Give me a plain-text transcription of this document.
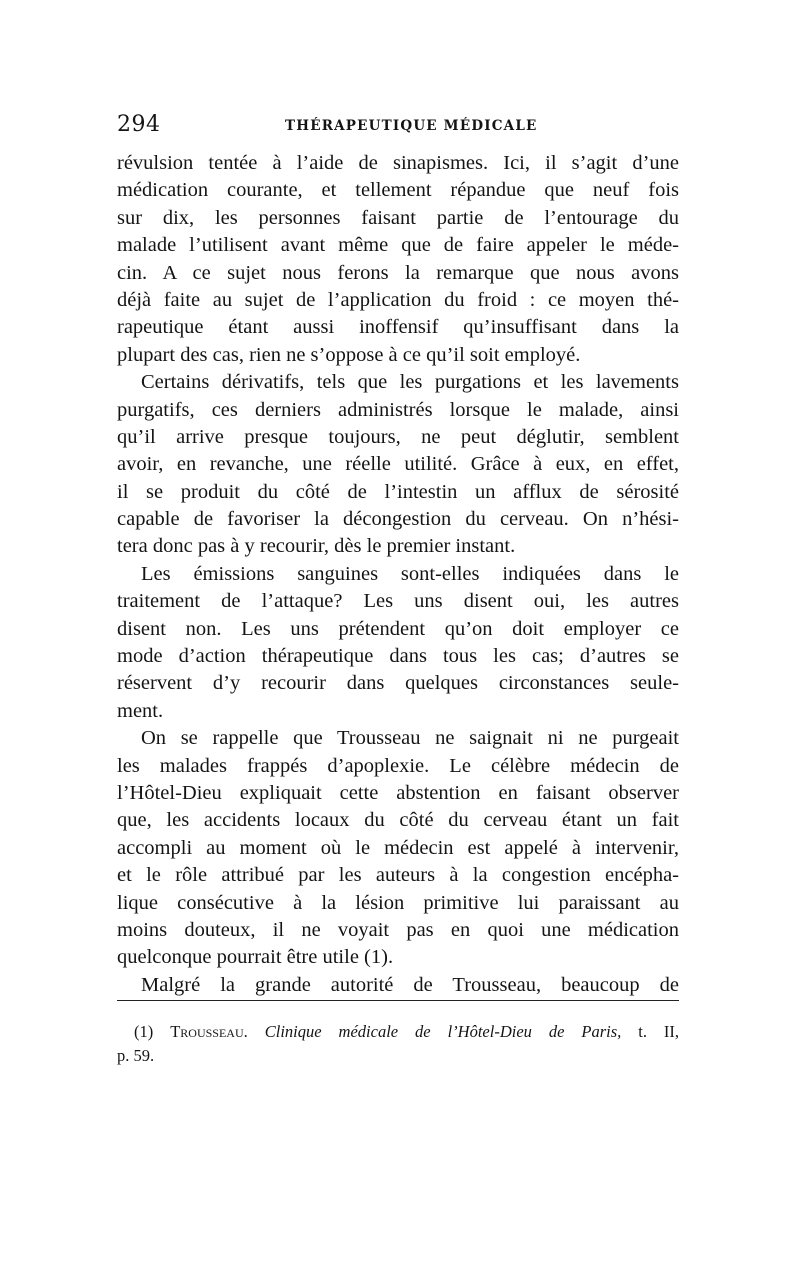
294	THÉRAPEUTIQUE MÉDICALE
révulsion tentée à l’aide de sinapismes. Ici, il s’agit d’une
médication courante, et tellement répandue que neuf fois
sur dix, les personnes faisant partie de l’entourage du
malade l’utilisent avant même que de faire appeler le méde-
cin. A ce sujet nous ferons la remarque que nous avons
déjà faite au sujet de l’application du froid : ce moyen thé-
rapeutique étant aussi inoffensif qu’insuffisant dans la
plupart des cas, rien ne s’oppose à ce qu’il soit employé.
Certains dérivatifs, tels que les purgations et les lavements
purgatifs, ces derniers administrés lorsque le malade, ainsi
qu’il arrive presque toujours, ne peut déglutir, semblent
avoir, en revanche, une réelle utilité. Grâce à eux, en effet,
il se produit du côté de l’intestin un afflux de sérosité
capable de favoriser la décongestion du cerveau. On n’hési-
tera donc pas à y recourir, dès le premier instant.
Les émissions sanguines sont-elles indiquées dans le
traitement de l’attaque? Les uns disent oui, les autres
disent non. Les uns prétendent qu’on doit employer ce
mode d’action thérapeutique dans tous les cas; d’autres se
réservent d’y recourir dans quelques circonstances seule-
ment.
On se rappelle que Trousseau ne saignait ni ne purgeait
les malades frappés d’apoplexie. Le célèbre médecin de
l’Hôtel-Dieu expliquait cette abstention en faisant observer
que, les accidents locaux du côté du cerveau étant un fait
accompli au moment où le médecin est appelé à intervenir,
et le rôle attribué par les auteurs à la congestion encépha-
lique consécutive à la lésion primitive lui paraissant au
moins douteux, il ne voyait pas en quoi une médication
quelconque pourrait être utile (1).
Malgré la grande autorité de Trousseau, beaucoup de
(1) Trousseau. Clinique médicale de l’Hôtel-Dieu de Paris, t. II,
p. 59.
